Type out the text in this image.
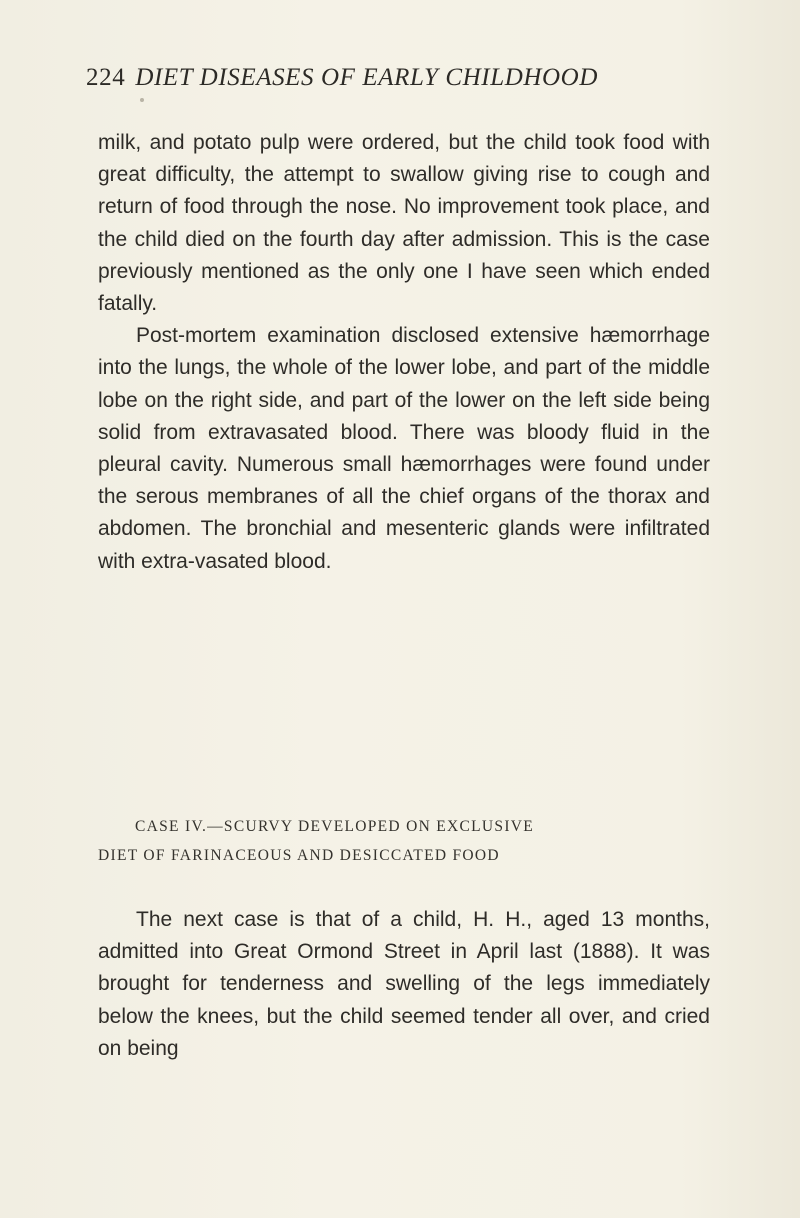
224 DIET DISEASES OF EARLY CHILDHOOD

milk, and potato pulp were ordered, but the child took food with great difficulty, the attempt to swallow giving rise to cough and return of food through the nose. No improvement took place, and the child died on the fourth day after admission. This is the case previously mentioned as the only one I have seen which ended fatally.

Post-mortem examination disclosed extensive hæmorrhage into the lungs, the whole of the lower lobe, and part of the middle lobe on the right side, and part of the lower on the left side being solid from extravasated blood. There was bloody fluid in the pleural cavity. Numerous small hæmorrhages were found under the serous membranes of all the chief organs of the thorax and abdomen. The bronchial and mesenteric glands were infiltrated with extra-vasated blood.

CASE IV.—SCURVY DEVELOPED ON EXCLUSIVE
DIET OF FARINACEOUS AND DESICCATED FOOD

The next case is that of a child, H. H., aged 13 months, admitted into Great Ormond Street in April last (1888). It was brought for tenderness and swelling of the legs immediately below the knees, but the child seemed tender all over, and cried on being
